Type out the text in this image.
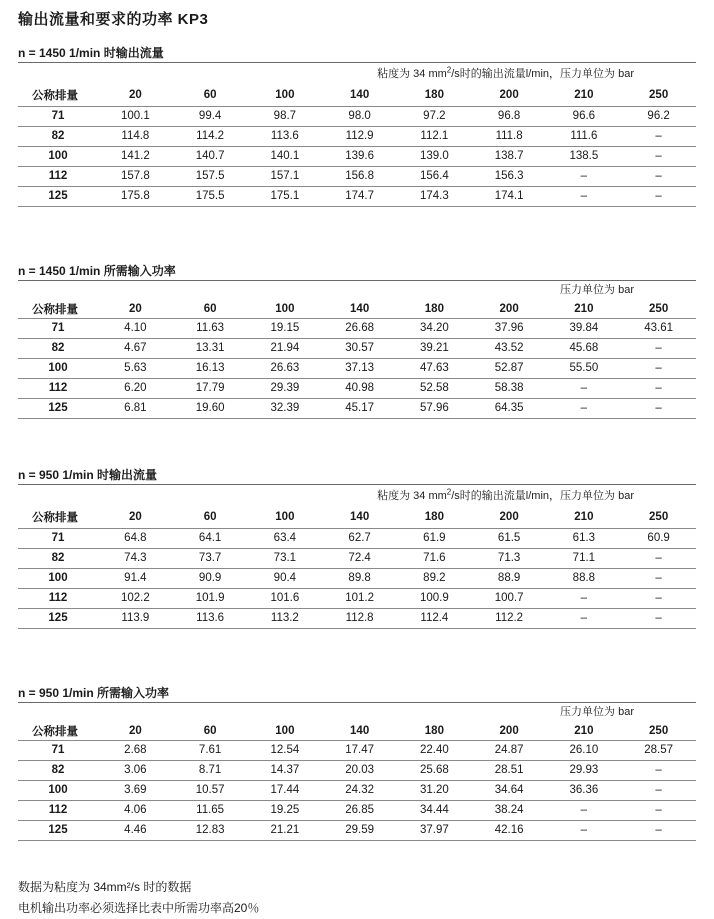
输出流量和要求的功率 KP3
n = 1450 1/min 时输出流量
粘度为 34 $mm^2/s$时的输出流量l/min，压力单位为 bar
公称排量	20	60	100	140	180	200	210	250
71	100.1	99.4	98.7	98.0	97.2	96.8	96.6	96.2
82	114.8	114.2	113.6	112.9	112.1	111.8	111.6	–
100	141.2	140.7	140.1	139.6	139.0	138.7	138.5	–
112	157.8	157.5	157.1	156.8	156.4	156.3	–	–
125	175.8	175.5	175.1	174.7	174.3	174.1	–	–
n = 1450 1/min 所需输入功率
压力单位为 bar
公称排量	20	60	100	140	180	200	210	250
71	4.10	11.63	19.15	26.68	34.20	37.96	39.84	43.61
82	4.67	13.31	21.94	30.57	39.21	43.52	45.68	–
100	5.63	16.13	26.63	37.13	47.63	52.87	55.50	–
112	6.20	17.79	29.39	40.98	52.58	58.38	–	–
125	6.81	19.60	32.39	45.17	57.96	64.35	–	–
n = 950 1/min 时输出流量
粘度为 34 $mm^2/s$时的输出流量l/min，压力单位为 bar
公称排量	20	60	100	140	180	200	210	250
71	64.8	64.1	63.4	62.7	61.9	61.5	61.3	60.9
82	74.3	73.7	73.1	72.4	71.6	71.3	71.1	–
100	91.4	90.9	90.4	89.8	89.2	88.9	88.8	–
112	102.2	101.9	101.6	101.2	100.9	100.7	–	–
125	113.9	113.6	113.2	112.8	112.4	112.2	–	–
n = 950 1/min 所需输入功率
压力单位为 bar
公称排量	20	60	100	140	180	200	210	250
71	2.68	7.61	12.54	17.47	22.40	24.87	26.10	28.57
82	3.06	8.71	14.37	20.03	25.68	28.51	29.93	–
100	3.69	10.57	17.44	24.32	31.20	34.64	36.36	–
112	4.06	11.65	19.25	26.85	34.44	38.24	–	–
125	4.46	12.83	21.21	29.59	37.97	42.16	–	–
数据为粘度为 34mm²/s 时的数据
电机输出功率必须选择比表中所需功率高20％
